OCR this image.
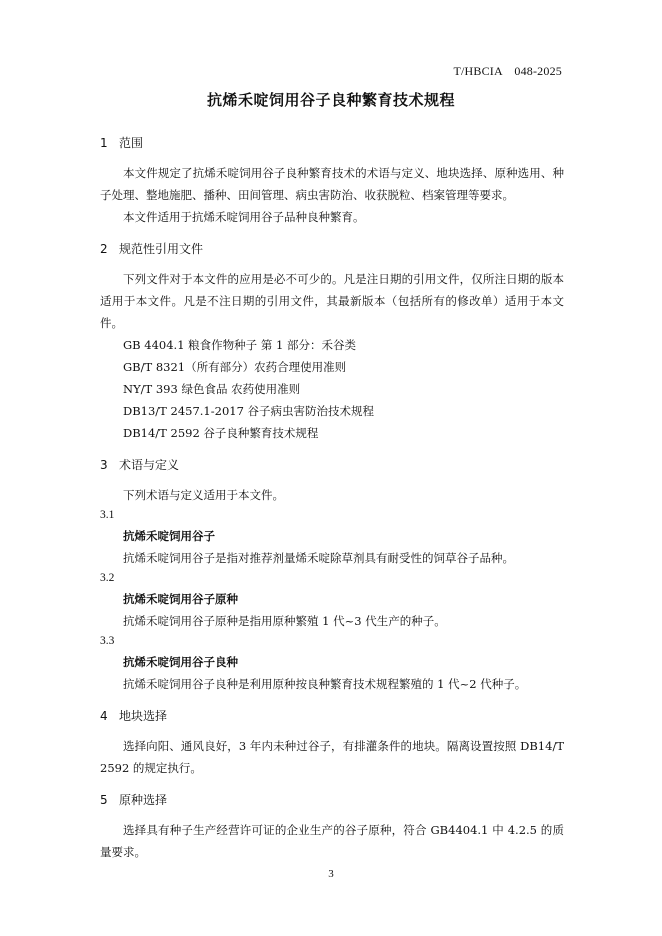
T/HBCIA　048-2025
抗烯禾啶饲用谷子良种繁育技术规程
1 范围

本文件规定了抗烯禾啶饲用谷子良种繁育技术的术语与定义、地块选择、原种选用、种子处理、整地施肥、播种、田间管理、病虫害防治、收获脱粒、档案管理等要求。

本文件适用于抗烯禾啶饲用谷子品种良种繁育。

2 规范性引用文件

下列文件对于本文件的应用是必不可少的。凡是注日期的引用文件，仅所注日期的版本适用于本文件。凡是不注日期的引用文件，其最新版本（包括所有的修改单）适用于本文件。

GB 4404.1 粮食作物种子 第 1 部分：禾谷类

GB/T 8321（所有部分）农药合理使用准则

NY/T 393 绿色食品 农药使用准则

DB13/T 2457.1-2017 谷子病虫害防治技术规程

DB14/T 2592 谷子良种繁育技术规程

3 术语与定义

下列术语与定义适用于本文件。

3.1

抗烯禾啶饲用谷子

抗烯禾啶饲用谷子是指对推荐剂量烯禾啶除草剂具有耐受性的饲草谷子品种。

3.2

抗烯禾啶饲用谷子原种

抗烯禾啶饲用谷子原种是指用原种繁殖 1 代~3 代生产的种子。

3.3

抗烯禾啶饲用谷子良种

抗烯禾啶饲用谷子良种是利用原种按良种繁育技术规程繁殖的 1 代~2 代种子。

4 地块选择

选择向阳、通风良好，3 年内未种过谷子，有排灌条件的地块。隔离设置按照 DB14/T 2592 的规定执行。

5 原种选择

选择具有种子生产经营许可证的企业生产的谷子原种，符合 GB4404.1 中 4.2.5 的质量要求。

3
